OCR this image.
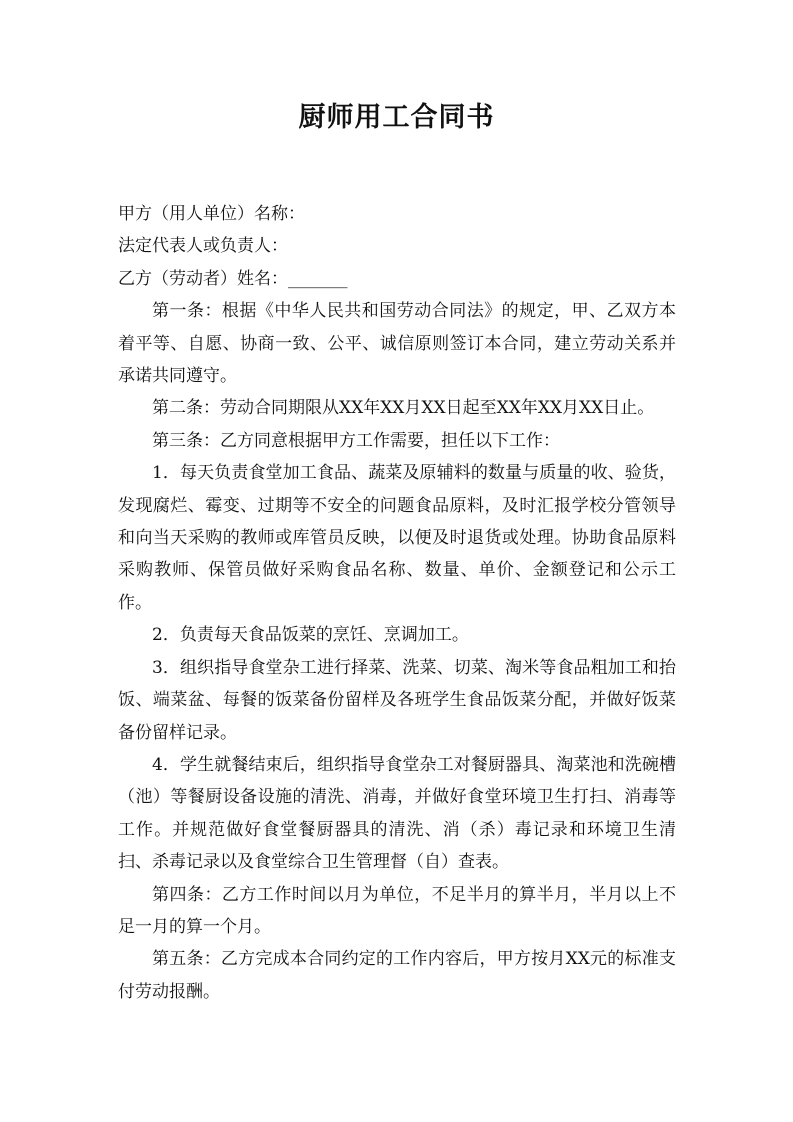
厨师用工合同书

甲方（用人单位）名称：

法定代表人或负责人：

乙方（劳动者）姓名：_______

第一条：根据《中华人民共和国劳动合同法》的规定，甲、乙双方本着平等、自愿、协商一致、公平、诚信原则签订本合同，建立劳动关系并承诺共同遵守。

第二条：劳动合同期限从XX年XX月XX日起至XX年XX月XX日止。

第三条：乙方同意根据甲方工作需要，担任以下工作：

1．每天负责食堂加工食品、蔬菜及原辅料的数量与质量的收、验货，发现腐烂、霉变、过期等不安全的问题食品原料，及时汇报学校分管领导和向当天采购的教师或库管员反映，以便及时退货或处理。协助食品原料采购教师、保管员做好采购食品名称、数量、单价、金额登记和公示工作。

2．负责每天食品饭菜的烹饪、烹调加工。

3．组织指导食堂杂工进行择菜、洗菜、切菜、淘米等食品粗加工和抬饭、端菜盆、每餐的饭菜备份留样及各班学生食品饭菜分配，并做好饭菜备份留样记录。

4．学生就餐结束后，组织指导食堂杂工对餐厨器具、淘菜池和洗碗槽（池）等餐厨设备设施的清洗、消毒，并做好食堂环境卫生打扫、消毒等工作。并规范做好食堂餐厨器具的清洗、消（杀）毒记录和环境卫生清扫、杀毒记录以及食堂综合卫生管理督（自）查表。

第四条：乙方工作时间以月为单位，不足半月的算半月，半月以上不足一月的算一个月。

第五条：乙方完成本合同约定的工作内容后，甲方按月XX元的标准支付劳动报酬。
